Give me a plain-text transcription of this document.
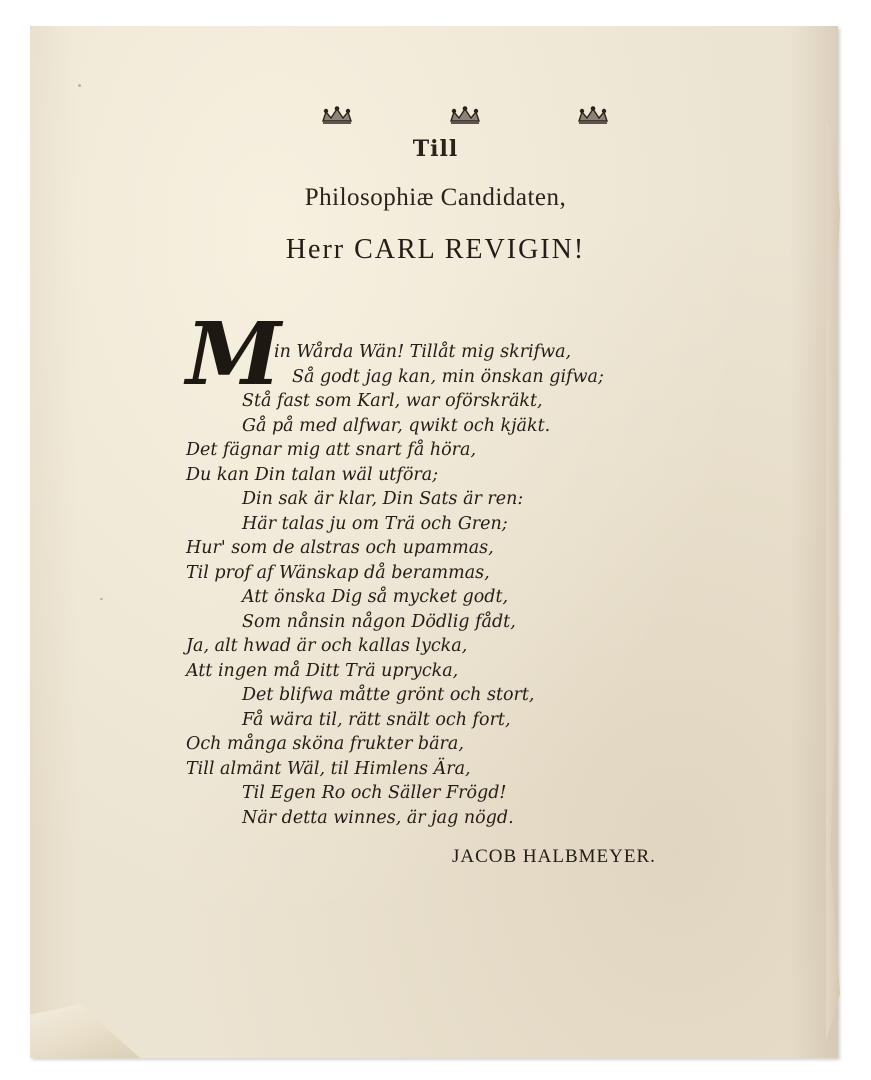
Till
Philosophiæ Candidaten,
Herr CARL REVIGIN!
M
in Wårda Wän! Tillåt mig skrifwa,
Så godt jag kan, min önskan gifwa;
Stå fast som Karl, war oförskräkt,
Gå på med alfwar, qwikt och kjäkt.
Det fägnar mig att snart få höra,
Du kan Din talan wäl utföra;
Din sak är klar, Din Sats är ren:
Här talas ju om Trä och Gren;
Hur' som de alstras och upammas,
Til prof af Wänskap då berammas,
Att önska Dig så mycket godt,
Som nånsin någon Dödlig fådt,
Ja, alt hwad är och kallas lycka,
Att ingen må Ditt Trä uprycka,
Det blifwa måtte grönt och stort,
Få wära til, rätt snält och fort,
Och många sköna frukter bära,
Till almänt Wäl, til Himlens Ära,
Til Egen Ro och Säller Frögd!
När detta winnes, är jag nögd.
JACOB HALBMEYER.
